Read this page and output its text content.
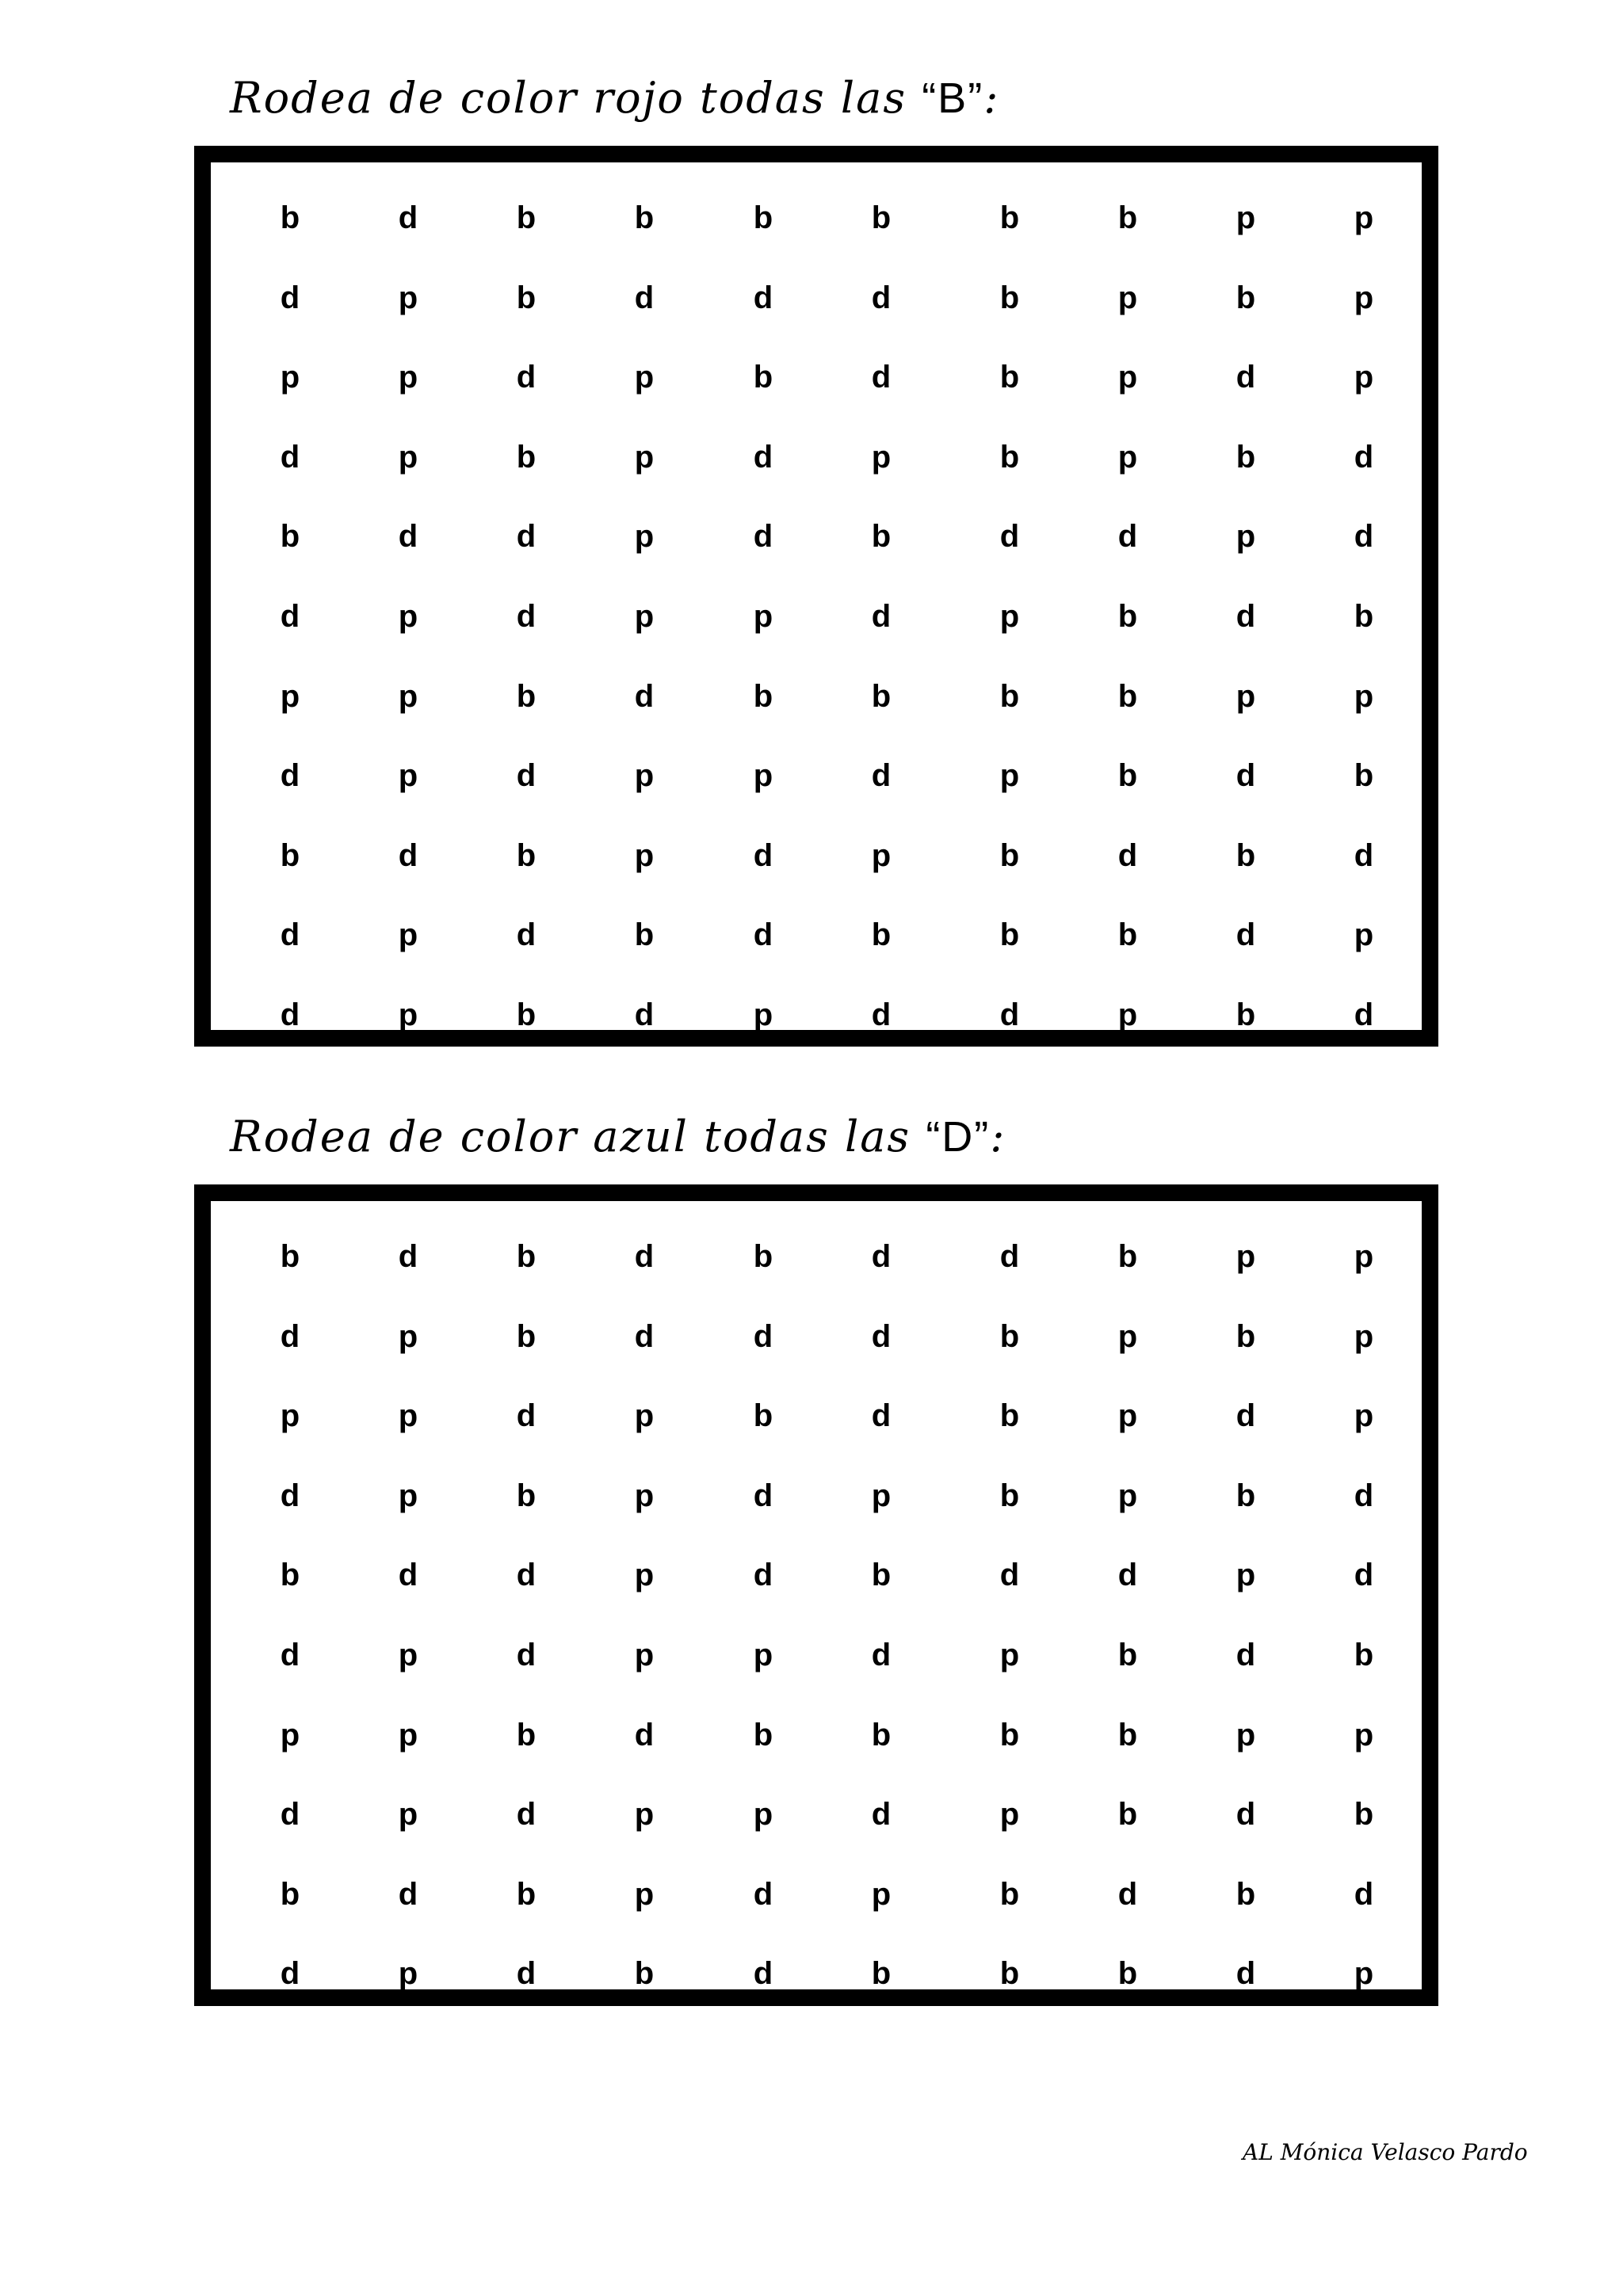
Rodea de color rojo todas las “B”:
b	d	b	b	b	b	b	b	p	p
d	p	b	d	d	d	b	p	b	p
p	p	d	p	b	d	b	p	d	p
d	p	b	p	d	p	b	p	b	d
b	d	d	p	d	b	d	d	p	d
d	p	d	p	p	d	p	b	d	b
p	p	b	d	b	b	b	b	p	p
d	p	d	p	p	d	p	b	d	b
b	d	b	p	d	p	b	d	b	d
d	p	d	b	d	b	b	b	d	p
d	p	b	d	p	d	d	p	b	d
Rodea de color azul todas las “D”:
b	d	b	d	b	d	d	b	p	p
d	p	b	d	d	d	b	p	b	p
p	p	d	p	b	d	b	p	d	p
d	p	b	p	d	p	b	p	b	d
b	d	d	p	d	b	d	d	p	d
d	p	d	p	p	d	p	b	d	b
p	p	b	d	b	b	b	b	p	p
d	p	d	p	p	d	p	b	d	b
b	d	b	p	d	p	b	d	b	d
d	p	d	b	d	b	b	b	d	p

AL Mónica Velasco Pardo
